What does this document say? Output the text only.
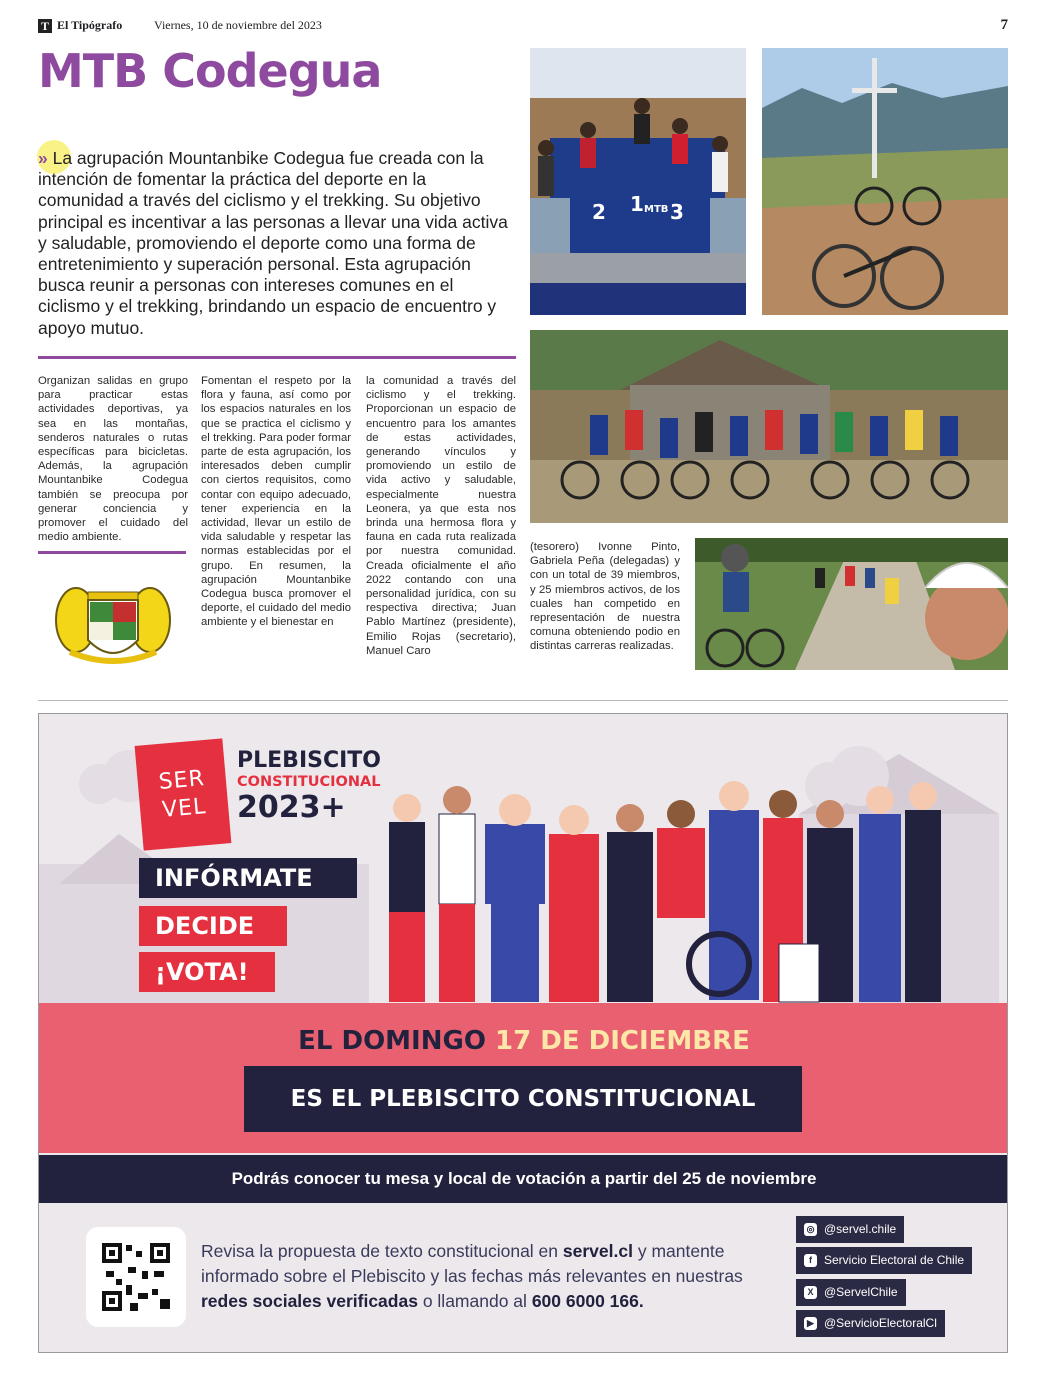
T El Tipógrafo	Viernes, 10 de noviembre del 2023	7
MTB Codegua

» La agrupación Mountanbike Codegua fue creada con la intención de fomentar la práctica del deporte en la comunidad a través del ciclismo y el trekking. Su objetivo principal es incentivar a las personas a llevar una vida activa y saludable, promoviendo el deporte como una forma de entretenimiento y superación personal. Esta agrupación busca reunir a personas con intereses comunes en el ciclismo y el trekking, brindando un espacio de encuentro y apoyo mutuo.

Organizan salidas en grupo para practicar estas actividades deportivas, ya sea en las montañas, senderos naturales o rutas específicas para bicicletas. Además, la agrupación Mountanbike Codegua también se preocupa por generar conciencia y promover el cuidado del medio ambiente.

Fomentan el respeto por la flora y fauna, así como por los espacios naturales en los que se practica el ciclismo y el trekking. Para poder formar parte de esta agrupación, los interesados deben cumplir con ciertos requisitos, como contar con equipo adecuado, tener experiencia en la actividad, llevar un estilo de vida saludable y respetar las normas establecidas por el grupo. En resumen, la agrupación Mountanbike Codegua busca promover el deporte, el cuidado del medio ambiente y el bienestar en

la comunidad a través del ciclismo y el trekking. Proporcionan un espacio de encuentro para los amantes de estas actividades, generando vínculos y promoviendo un estilo de vida activo y saludable, especialmente nuestra Leonera, ya que esta nos brinda una hermosa flora y fauna en cada ruta realizada por nuestra comunidad. Creada oficialmente el año 2022 contando con una personalidad jurídica, con su respectiva directiva; Juan Pablo Martínez (presidente), Emilio Rojas (secretario), Manuel Caro

(tesorero) Ivonne Pinto, Gabriela Peña (delegadas) y con un total de 39 miembros, y 25 miembros activos, de los cuales han competido en representación de nuestra comuna obteniendo podio en distintas carreras realizadas.

2 1 3
MTB
SER
VEL
PLEBISCITO
CONSTITUCIONAL
2023+
INFÓRMATE
DECIDE
¡VOTA!
EL DOMINGO 17 DE DICIEMBRE
ES EL PLEBISCITO CONSTITUCIONAL
Podrás conocer tu mesa y local de votación a partir del 25 de noviembre

Revisa la propuesta de texto constitucional en servel.cl y mantente informado sobre el Plebiscito y las fechas más relevantes en nuestras redes sociales verificadas o llamando al 600 6000 166.

◎ @servel.chile
f	Servicio Electoral de Chile
X @ServelChile
▶ @ServicioElectoralCl
